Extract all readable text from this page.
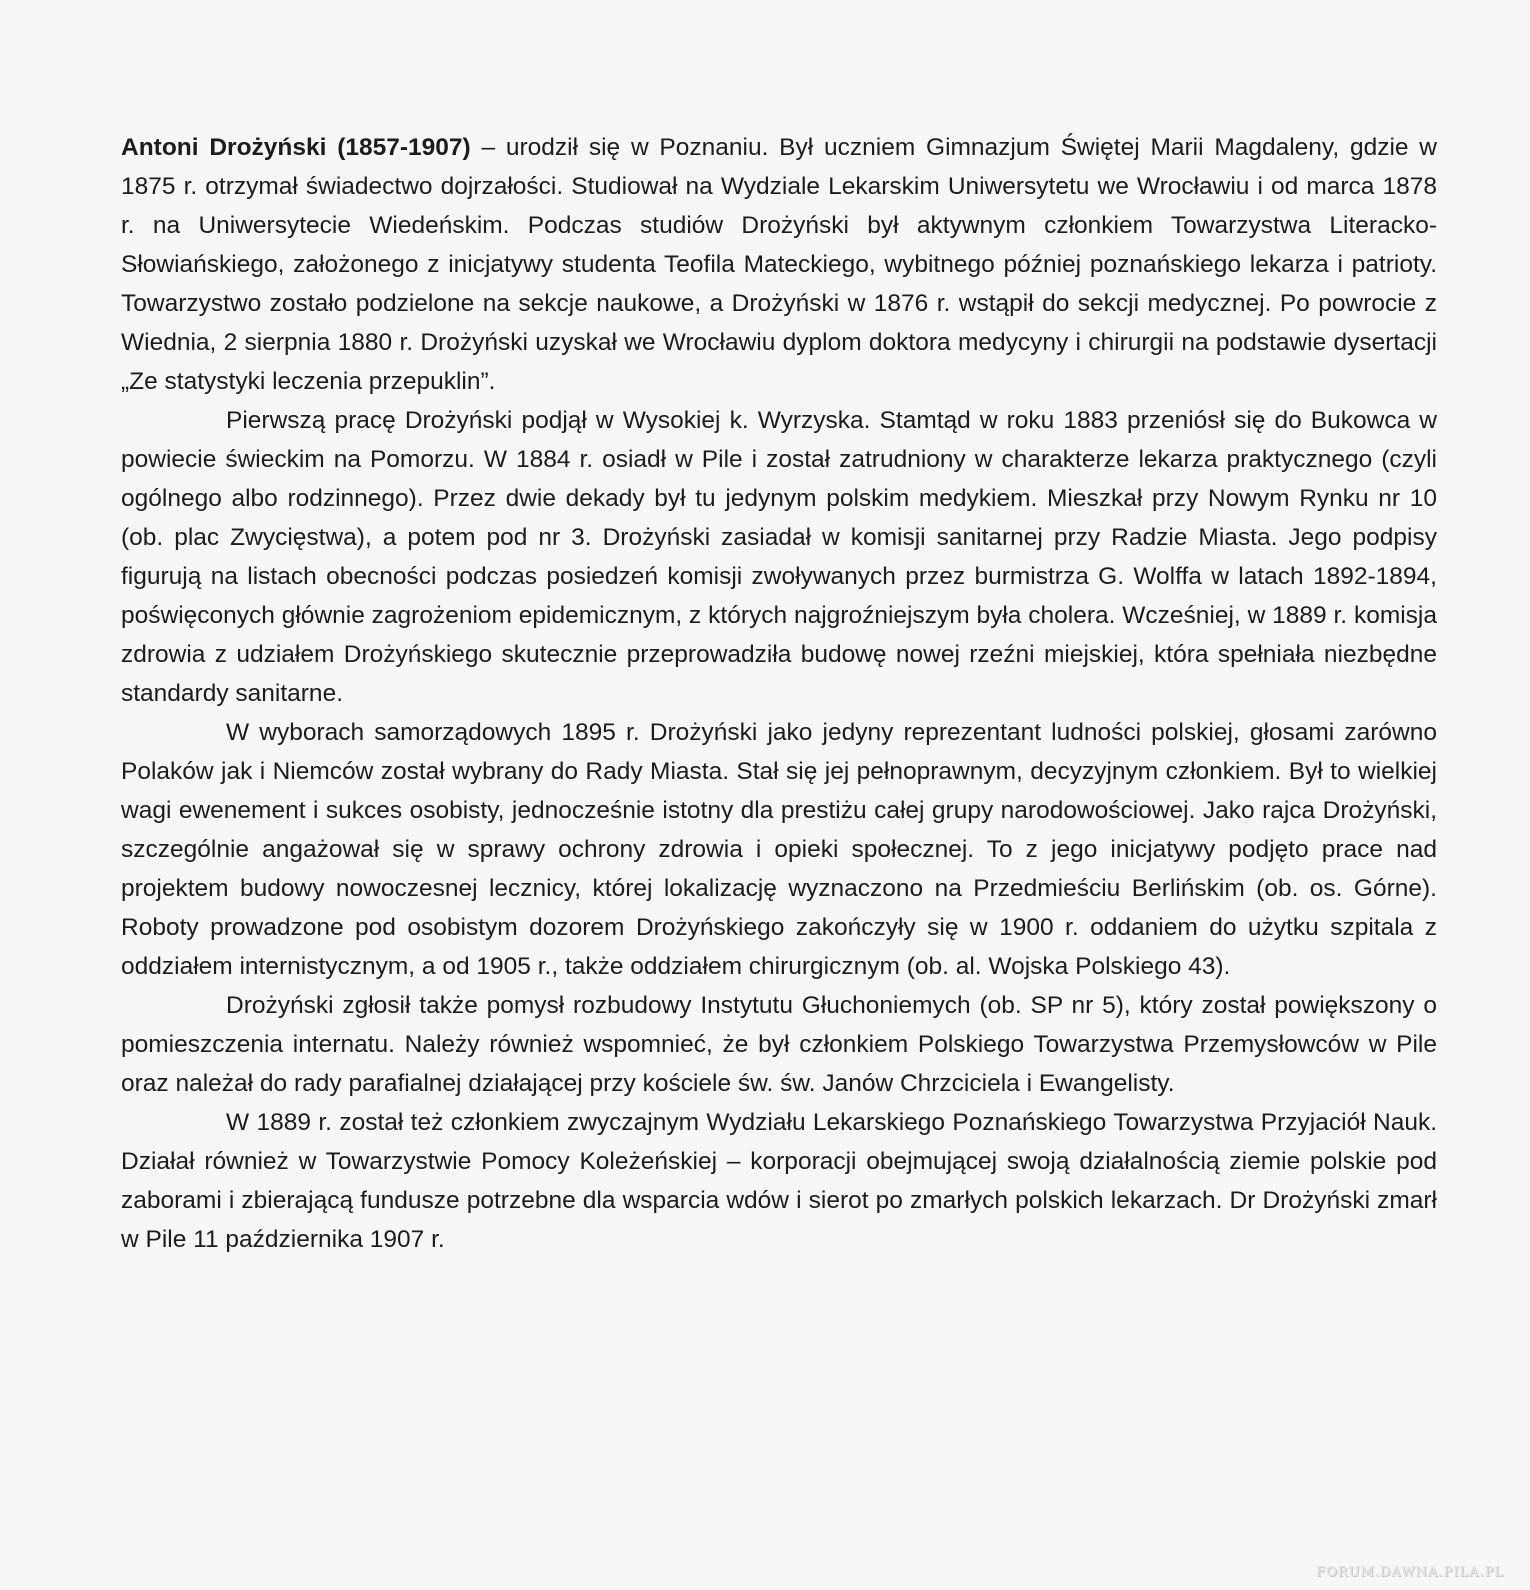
Antoni Drożyński (1857-1907) – urodził się w Poznaniu. Był uczniem Gimnazjum Świętej Marii Magdaleny, gdzie w 1875 r. otrzymał świadectwo dojrzałości. Studiował na Wydziale Lekarskim Uniwersytetu we Wrocławiu i od marca 1878 r. na Uniwersytecie Wiedeńskim. Podczas studiów Drożyński był aktywnym członkiem Towarzystwa Literacko-Słowiańskiego, założonego z inicjatywy studenta Teofila Mateckiego, wybitnego później poznańskiego lekarza i patrioty. Towarzystwo zostało podzielone na sekcje naukowe, a Drożyński w 1876 r. wstąpił do sekcji medycznej. Po powrocie z Wiednia, 2 sierpnia 1880 r. Drożyński uzyskał we Wrocławiu dyplom doktora medycyny i chirurgii na podstawie dysertacji „Ze statystyki leczenia przepuklin”.

Pierwszą pracę Drożyński podjął w Wysokiej k. Wyrzyska. Stamtąd w roku 1883 przeniósł się do Bukowca w powiecie świeckim na Pomorzu. W 1884 r. osiadł w Pile i został zatrudniony w charakterze lekarza praktycznego (czyli ogólnego albo rodzinnego). Przez dwie dekady był tu jedynym polskim medykiem. Mieszkał przy Nowym Rynku nr 10 (ob. plac Zwycięstwa), a potem pod nr 3. Drożyński zasiadał w komisji sanitarnej przy Radzie Miasta. Jego podpisy figurują na listach obecności podczas posiedzeń komisji zwoływanych przez burmistrza G. Wolffa w latach 1892-1894, poświęconych głównie zagrożeniom epidemicznym, z których najgroźniejszym była cholera. Wcześniej, w 1889 r. komisja zdrowia z udziałem Drożyńskiego skutecznie przeprowadziła budowę nowej rzeźni miejskiej, która spełniała niezbędne standardy sanitarne.

W wyborach samorządowych 1895 r. Drożyński jako jedyny reprezentant ludności polskiej, głosami zarówno Polaków jak i Niemców został wybrany do Rady Miasta. Stał się jej pełnoprawnym, decyzyjnym członkiem. Był to wielkiej wagi ewenement i sukces osobisty, jednocześnie istotny dla prestiżu całej grupy narodowościowej. Jako rajca Drożyński, szczególnie angażował się w sprawy ochrony zdrowia i opieki społecznej. To z jego inicjatywy podjęto prace nad projektem budowy nowoczesnej lecznicy, której lokalizację wyznaczono na Przedmieściu Berlińskim (ob. os. Górne). Roboty prowadzone pod osobistym dozorem Drożyńskiego zakończyły się w 1900 r. oddaniem do użytku szpitala z oddziałem internistycznym, a od 1905 r., także oddziałem chirurgicznym (ob. al. Wojska Polskiego 43).

Drożyński zgłosił także pomysł rozbudowy Instytutu Głuchoniemych (ob. SP nr 5), który został powiększony o pomieszczenia internatu. Należy również wspomnieć, że był członkiem Polskiego Towarzystwa Przemysłowców w Pile oraz należał do rady parafialnej działającej przy kościele św. św. Janów Chrzciciela i Ewangelisty.

W 1889 r. został też członkiem zwyczajnym Wydziału Lekarskiego Poznańskiego Towarzystwa Przyjaciół Nauk. Działał również w Towarzystwie Pomocy Koleżeńskiej – korporacji obejmującej swoją działalnością ziemie polskie pod zaborami i zbierającą fundusze potrzebne dla wsparcia wdów i sierot po zmarłych polskich lekarzach. Dr Drożyński zmarł w Pile 11 października 1907 r.

FORUM.DAWNA.PILA.PL
